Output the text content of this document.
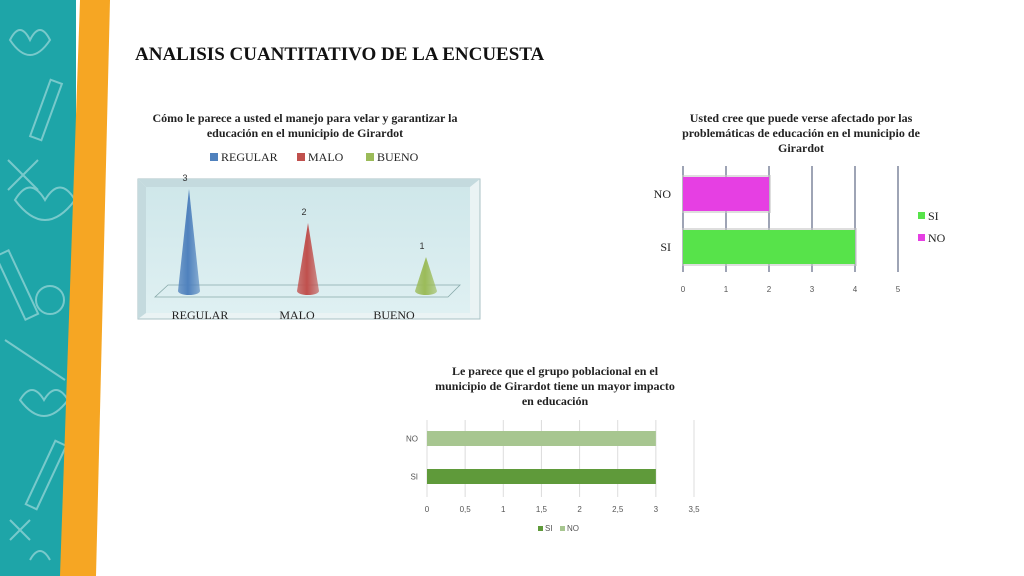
ANALISIS CUANTITATIVO DE LA ENCUESTA
Cómo le parece a usted el manejo para velar y garantizar la educación en el municipio de Girardot
REGULAR	MALO	BUENO
3
REGULAR
2
MALO
1
BUENO
Usted cree que puede verse afectado por las problemáticas de educación en el municipio de Girardot
0	1	2	3	4	5
NO
SI
SI
NO
Le parece que el grupo poblacional en el municipio de Girardot tiene un mayor impacto en educación
0	0,5	1	1,5	2	2,5	3	3,5
NO
SI
SI NO
